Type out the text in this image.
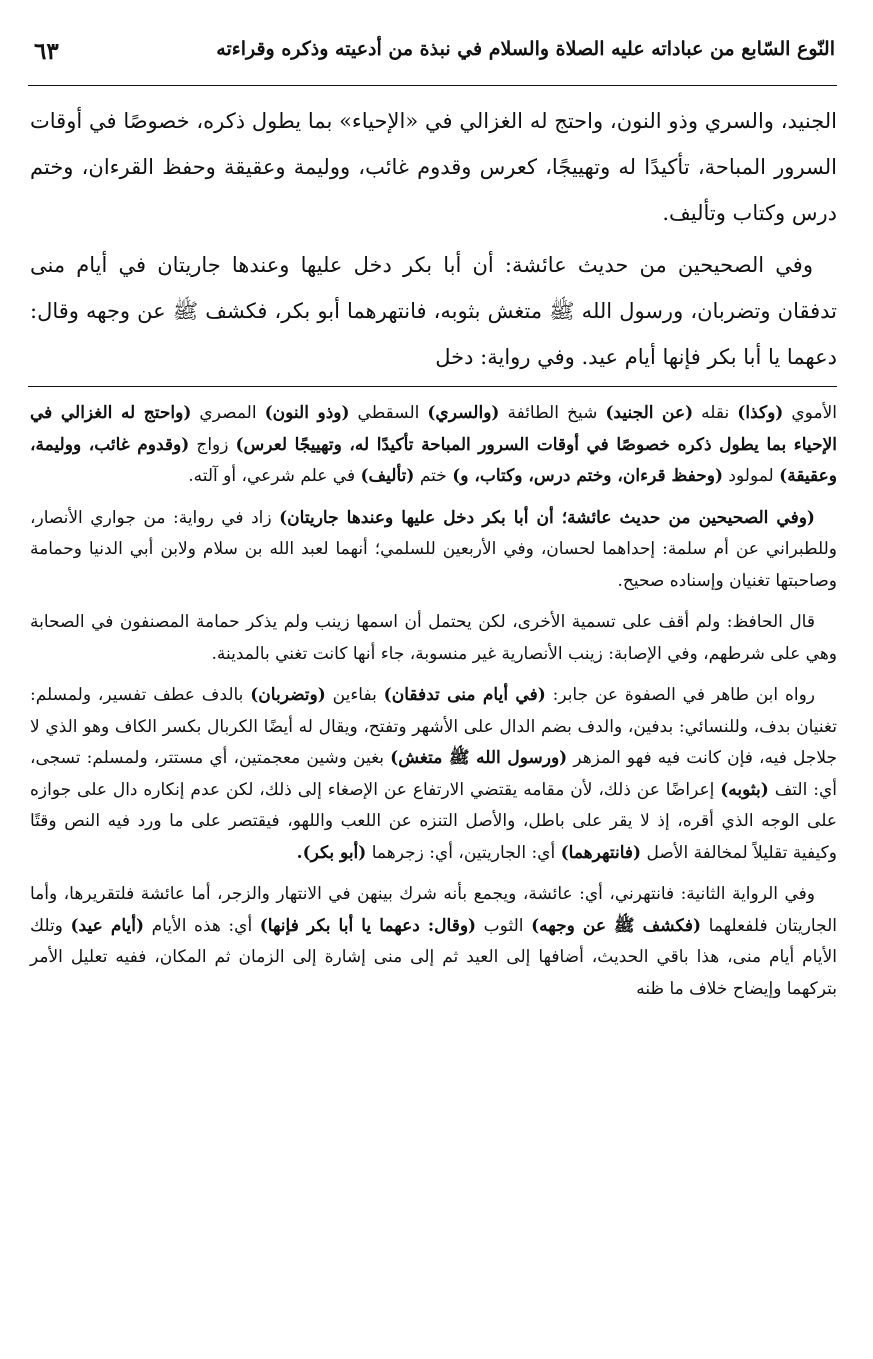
النّوع السّابع من عباداته عليه الصلاة والسلام في نبذة من أدعيته وذكره وقراءته
٦٣

الجنيد، والسري وذو النون، واحتج له الغزالي في «الإحياء» بما يطول ذكره، خصوصًا في أوقات السرور المباحة، تأكيدًا له وتهييجًا، كعرس وقدوم غائب، ووليمة وعقيقة وحفظ القرءان، وختم درس وكتاب وتأليف.

وفي الصحيحين من حديث عائشة: أن أبا بكر دخل عليها وعندها جاريتان في أيام منى تدفقان وتضربان، ورسول الله ﷺ متغش بثوبه، فانتهرهما أبو بكر، فكشف ﷺ عن وجهه وقال: دعهما يا أبا بكر فإنها أيام عيد. وفي رواية: دخل

الأموي (وكذا) نقله (عن الجنيد) شيخ الطائفة (والسري) السقطي (وذو النون) المصري (واحتج له الغزالي في الإحياء بما يطول ذكره خصوصًا في أوقات السرور المباحة تأكيدًا له، وتهييجًا لعرس) زواج (وقدوم غائب، ووليمة، وعقيقة) لمولود (وحفظ قرءان، وختم درس، وكتاب، و) ختم (تأليف) في علم شرعي، أو آلته.

(وفي الصحيحين من حديث عائشة؛ أن أبا بكر دخل عليها وعندها جاريتان) زاد في رواية: من جواري الأنصار، وللطبراني عن أم سلمة: إحداهما لحسان، وفي الأربعين للسلمي؛ أنهما لعبد الله بن سلام ولابن أبي الدنيا وحمامة وصاحبتها تغنيان وإسناده صحيح.

قال الحافظ: ولم أقف على تسمية الأخرى، لكن يحتمل أن اسمها زينب ولم يذكر حمامة المصنفون في الصحابة وهي على شرطهم، وفي الإصابة: زينب الأنصارية غير منسوبة، جاء أنها كانت تغني بالمدينة.

رواه ابن طاهر في الصفوة عن جابر: (في أيام منى تدفقان) بفاءين (وتضربان) بالدف عطف تفسير، ولمسلم: تغنيان بدف، وللنسائي: بدفين، والدف بضم الدال على الأشهر وتفتح، ويقال له أيضًا الكربال بكسر الكاف وهو الذي لا جلاجل فيه، فإن كانت فيه فهو المزهر (ورسول الله ﷺ متغش) بغين وشين معجمتين، أي مستتر، ولمسلم: تسجى، أي: التف (بثوبه) إعراضًا عن ذلك، لأن مقامه يقتضي الارتفاع عن الإصغاء إلى ذلك، لكن عدم إنكاره دال على جوازه على الوجه الذي أقره، إذ لا يقر على باطل، والأصل التنزه عن اللعب واللهو، فيقتصر على ما ورد فيه النص وقتًا وكيفية تقليلاً لمخالفة الأصل (فانتهرهما) أي: الجاريتين، أي: زجرهما (أبو بكر).

وفي الرواية الثانية: فانتهرني، أي: عائشة، ويجمع بأنه شرك بينهن في الانتهار والزجر، أما عائشة فلتقريرها، وأما الجاريتان فلفعلهما (فكشف ﷺ عن وجهه) الثوب (وقال: دعهما يا أبا بكر فإنها) أي: هذه الأيام (أيام عيد) وتلك الأيام أيام منى، هذا باقي الحديث، أضافها إلى العيد ثم إلى منى إشارة إلى الزمان ثم المكان، ففيه تعليل الأمر بتركهما وإيضاح خلاف ما ظنه
